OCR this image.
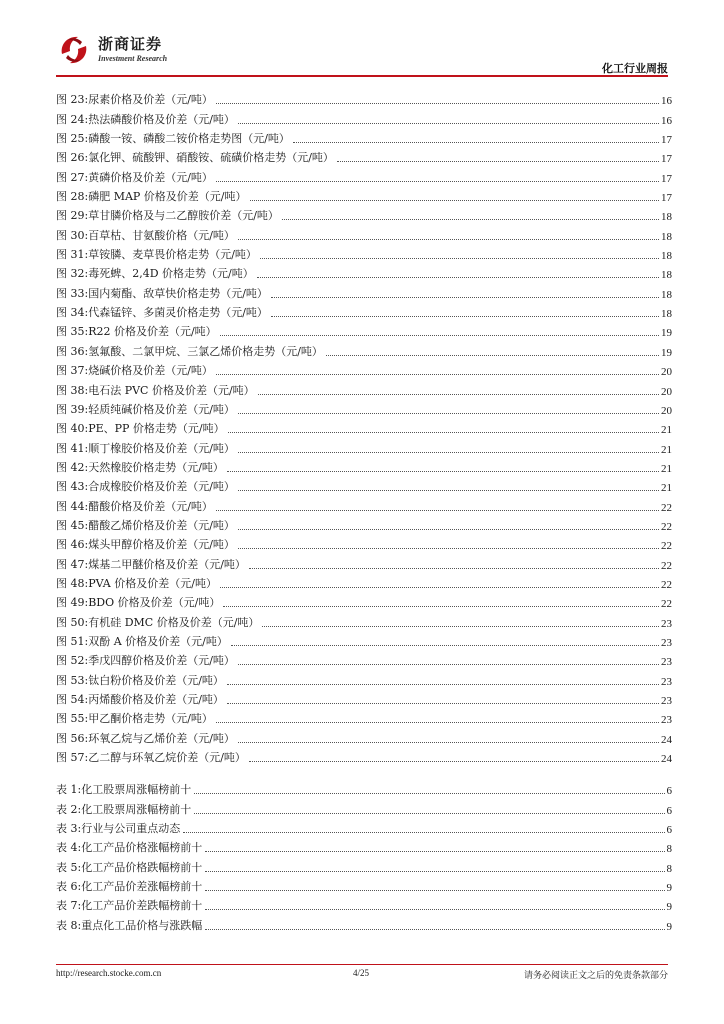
浙商证券
Investment Research
化工行业周报
图 23: 尿素价格及价差（元/吨）	16
图 24: 热法磷酸价格及价差（元/吨）	16
图 25: 磷酸一铵、磷酸二铵价格走势图（元/吨）	17
图 26: 氯化钾、硫酸钾、硝酸铵、硫磺价格走势（元/吨）	17
图 27: 黄磷价格及价差（元/吨）	17
图 28: 磷肥 MAP 价格及价差（元/吨）	17
图 29: 草甘膦价格及与二乙醇胺价差（元/吨）	18
图 30: 百草枯、甘氨酸价格（元/吨）	18
图 31: 草铵膦、麦草畏价格走势（元/吨）	18
图 32: 毒死蜱、2,4D 价格走势（元/吨）	18
图 33: 国内菊酯、敌草快价格走势（元/吨）	18
图 34: 代森锰锌、多菌灵价格走势（元/吨）	18
图 35: R22 价格及价差（元/吨）	19
图 36: 氢氟酸、二氯甲烷、三氯乙烯价格走势（元/吨）	19
图 37: 烧碱价格及价差（元/吨）	20
图 38: 电石法 PVC 价格及价差（元/吨）	20
图 39: 轻质纯碱价格及价差（元/吨）	20
图 40: PE、PP 价格走势（元/吨）	21
图 41: 顺丁橡胶价格及价差（元/吨）	21
图 42: 天然橡胶价格走势（元/吨）	21
图 43: 合成橡胶价格及价差（元/吨）	21
图 44: 醋酸价格及价差（元/吨）	22
图 45: 醋酸乙烯价格及价差（元/吨）	22
图 46: 煤头甲醇价格及价差（元/吨）	22
图 47: 煤基二甲醚价格及价差（元/吨）	22
图 48: PVA 价格及价差（元/吨）	22
图 49: BDO 价格及价差（元/吨）	22
图 50: 有机硅 DMC 价格及价差（元/吨）	23
图 51: 双酚 A 价格及价差（元/吨）	23
图 52: 季戊四醇价格及价差（元/吨）	23
图 53: 钛白粉价格及价差（元/吨）	23
图 54: 丙烯酸价格及价差（元/吨）	23
图 55: 甲乙酮价格走势（元/吨）	23
图 56: 环氧乙烷与乙烯价差（元/吨）	24
图 57: 乙二醇与环氧乙烷价差（元/吨）	24
表 1: 化工股票周涨幅榜前十	6
表 2: 化工股票周涨幅榜前十	6
表 3: 行业与公司重点动态	6
表 4: 化工产品价格涨幅榜前十	8
表 5: 化工产品价格跌幅榜前十	8
表 6: 化工产品价差涨幅榜前十	9
表 7: 化工产品价差跌幅榜前十	9
表 8: 重点化工品价格与涨跌幅	9
http://research.stocke.com.cn	4/25	请务必阅读正文之后的免责条款部分
